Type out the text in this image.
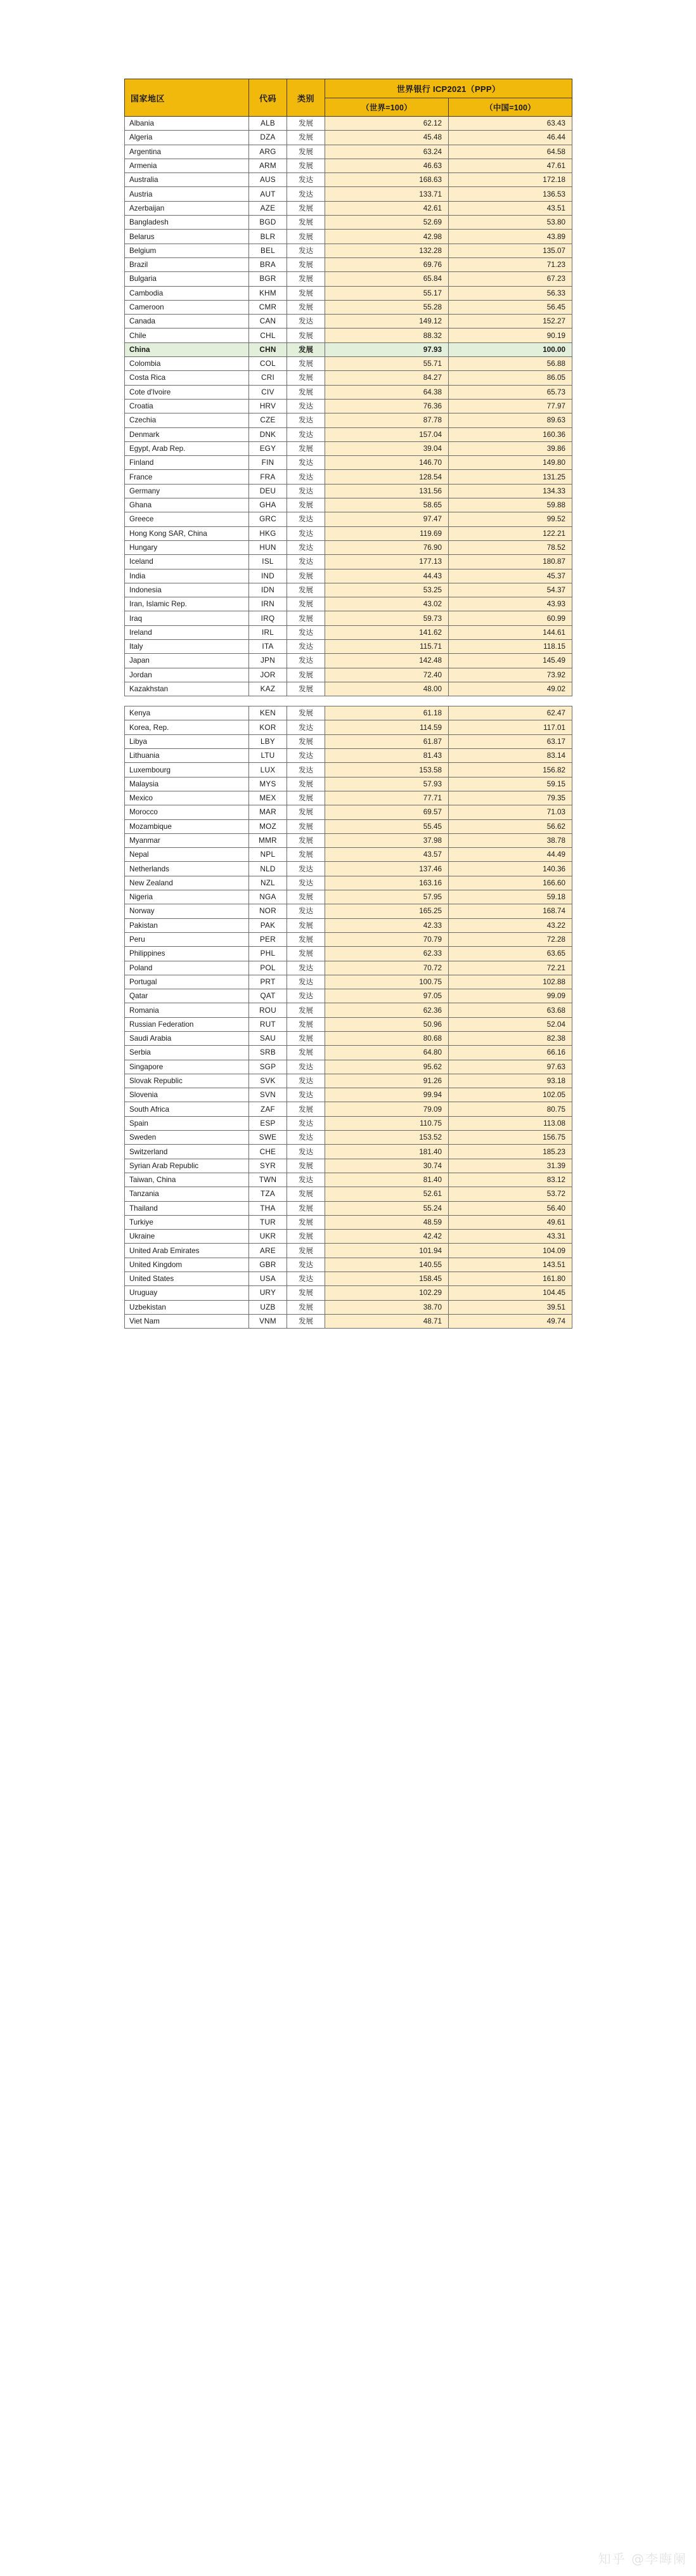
国家地区	代码	类别	世界银行 ICP2021（PPP）	
			（世界=100）	（中国=100）
Albania	ALB	发展	62.12	63.43
Algeria	DZA	发展	45.48	46.44
Argentina	ARG	发展	63.24	64.58
Armenia	ARM	发展	46.63	47.61
Australia	AUS	发达	168.63	172.18
Austria	AUT	发达	133.71	136.53
Azerbaijan	AZE	发展	42.61	43.51
Bangladesh	BGD	发展	52.69	53.80
Belarus	BLR	发展	42.98	43.89
Belgium	BEL	发达	132.28	135.07
Brazil	BRA	发展	69.76	71.23
Bulgaria	BGR	发展	65.84	67.23
Cambodia	KHM	发展	55.17	56.33
Cameroon	CMR	发展	55.28	56.45
Canada	CAN	发达	149.12	152.27
Chile	CHL	发展	88.32	90.19
China	CHN	发展	97.93	100.00
Colombia	COL	发展	55.71	56.88
Costa Rica	CRI	发展	84.27	86.05
Cote d'Ivoire	CIV	发展	64.38	65.73
Croatia	HRV	发达	76.36	77.97
Czechia	CZE	发达	87.78	89.63
Denmark	DNK	发达	157.04	160.36
Egypt, Arab Rep.	EGY	发展	39.04	39.86
Finland	FIN	发达	146.70	149.80
France	FRA	发达	128.54	131.25
Germany	DEU	发达	131.56	134.33
Ghana	GHA	发展	58.65	59.88
Greece	GRC	发达	97.47	99.52
Hong Kong SAR, China	HKG	发达	119.69	122.21
Hungary	HUN	发达	76.90	78.52
Iceland	ISL	发达	177.13	180.87
India	IND	发展	44.43	45.37
Indonesia	IDN	发展	53.25	54.37
Iran, Islamic Rep.	IRN	发展	43.02	43.93
Iraq	IRQ	发展	59.73	60.99
Ireland	IRL	发达	141.62	144.61
Italy	ITA	发达	115.71	118.15
Japan	JPN	发达	142.48	145.49
Jordan	JOR	发展	72.40	73.92
Kazakhstan	KAZ	发展	48.00	49.02

Kenya	KEN	发展	61.18	62.47
Korea, Rep.	KOR	发达	114.59	117.01
Libya	LBY	发展	61.87	63.17
Lithuania	LTU	发达	81.43	83.14
Luxembourg	LUX	发达	153.58	156.82
Malaysia	MYS	发展	57.93	59.15
Mexico	MEX	发展	77.71	79.35
Morocco	MAR	发展	69.57	71.03
Mozambique	MOZ	发展	55.45	56.62
Myanmar	MMR	发展	37.98	38.78
Nepal	NPL	发展	43.57	44.49
Netherlands	NLD	发达	137.46	140.36
New Zealand	NZL	发达	163.16	166.60
Nigeria	NGA	发展	57.95	59.18
Norway	NOR	发达	165.25	168.74
Pakistan	PAK	发展	42.33	43.22
Peru	PER	发展	70.79	72.28
Philippines	PHL	发展	62.33	63.65
Poland	POL	发达	70.72	72.21
Portugal	PRT	发达	100.75	102.88
Qatar	QAT	发达	97.05	99.09
Romania	ROU	发展	62.36	63.68
Russian Federation	RUT	发展	50.96	52.04
Saudi Arabia	SAU	发展	80.68	82.38
Serbia	SRB	发展	64.80	66.16
Singapore	SGP	发达	95.62	97.63
Slovak Republic	SVK	发达	91.26	93.18
Slovenia	SVN	发达	99.94	102.05
South Africa	ZAF	发展	79.09	80.75
Spain	ESP	发达	110.75	113.08
Sweden	SWE	发达	153.52	156.75
Switzerland	CHE	发达	181.40	185.23
Syrian Arab Republic	SYR	发展	30.74	31.39
Taiwan, China	TWN	发达	81.40	83.12
Tanzania	TZA	发展	52.61	53.72
Thailand	THA	发展	55.24	56.40
Turkiye	TUR	发展	48.59	49.61
Ukraine	UKR	发展	42.42	43.31
United Arab Emirates	ARE	发展	101.94	104.09
United Kingdom	GBR	发达	140.55	143.51
United States	USA	发达	158.45	161.80
Uruguay	URY	发展	102.29	104.45
Uzbekistan	UZB	发展	38.70	39.51
Viet Nam	VNM	发展	48.71	49.74
知乎 @李晦阑
